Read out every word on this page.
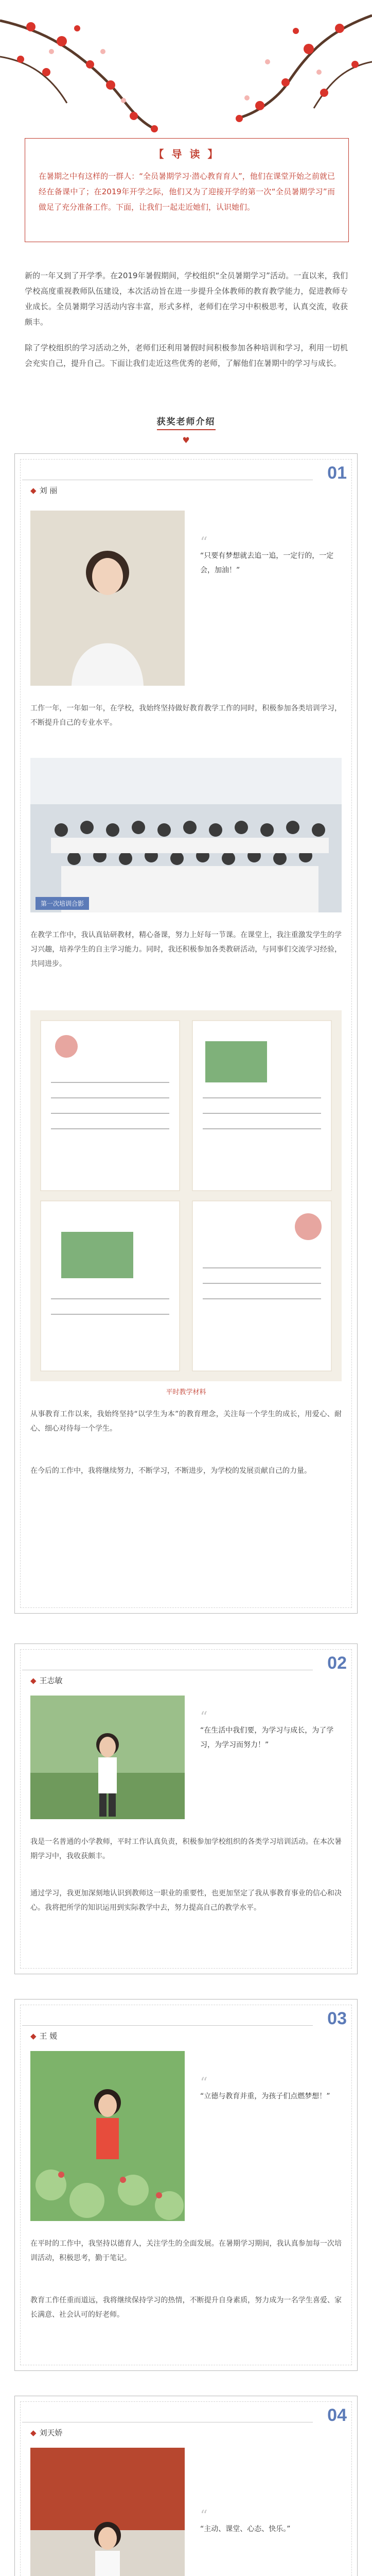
【 导 读 】
在暑期之中有这样的一群人：“全员暑期学习·潜心教育育人”，他们在课堂开始之前就已经在备课中了；在2019年开学之际，他们又为了迎接开学的第一次“全员暑期学习”而做足了充分准备工作。下面，让我们一起走近她们，认识她们。
新的一年又到了开学季。在2019年暑假期间，学校组织“全员暑期学习”活动。一直以来，我们学校高度重视教师队伍建设，本次活动旨在进一步提升全体教师的教育教学能力，促进教师专业成长。全员暑期学习活动内容丰富，形式多样，老师们在学习中积极思考，认真交流，收获颇丰。
除了学校组织的学习活动之外，老师们还利用暑假时间积极参加各种培训和学习，利用一切机会充实自己，提升自己。下面让我们走近这些优秀的老师，了解他们在暑期中的学习与成长。
获奖老师介绍
♥
01
◆ 刘 丽
“
“只要有梦想就去追一追，一定行的，一定会，加油！”
工作一年，一年如一年，在学校，我始终坚持做好教育教学工作的同时，积极参加各类培训学习，不断提升自己的专业水平。
第一次培训合影
在教学工作中，我认真钻研教材，精心备课，努力上好每一节课。在课堂上，我注重激发学生的学习兴趣，培养学生的自主学习能力。同时，我还积极参加各类教研活动，与同事们交流学习经验，共同进步。
平时教学材料
从事教育工作以来，我始终坚持“以学生为本”的教育理念，关注每一个学生的成长，用爱心、耐心、细心对待每一个学生。
在今后的工作中，我将继续努力，不断学习，不断进步，为学校的发展贡献自己的力量。
02
◆ 王志敏
“
“在生活中我们要，为学习与成长，为了学习，为学习而努力！”
我是一名普通的小学教师，平时工作认真负责，积极参加学校组织的各类学习培训活动。在本次暑期学习中，我收获颇丰。
通过学习，我更加深刻地认识到教师这一职业的重要性，也更加坚定了我从事教育事业的信心和决心。我将把所学的知识运用到实际教学中去，努力提高自己的教学水平。
03
◆ 王 媛
“
“立德与教育并重，为孩子们点燃梦想！”
在平时的工作中，我坚持以德育人，关注学生的全面发展。在暑期学习期间，我认真参加每一次培训活动，积极思考，勤于笔记。
教育工作任重而道远，我将继续保持学习的热情，不断提升自身素质，努力成为一名学生喜爱、家长满意、社会认可的好老师。
04
◆ 刘天娇
“
“主动、课堂、心态、快乐。”
